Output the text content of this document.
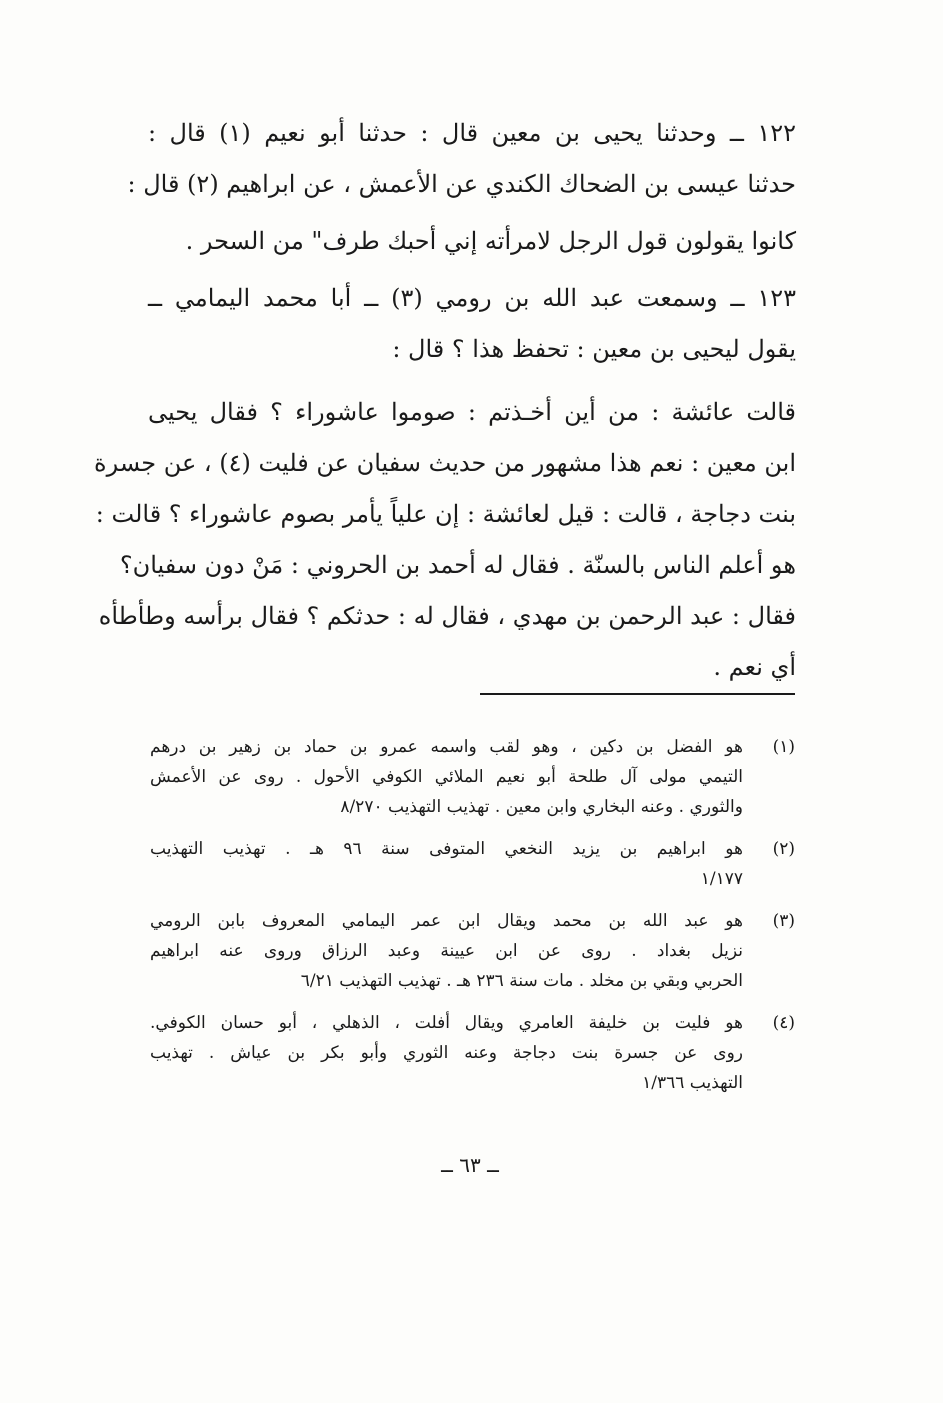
١٢٢ ــ وحدثنا يحيى بن معين قال : حدثنا أبو نعيم (١) قال :
حدثنا عيسى بن الضحاك الكندي عن الأعمش ، عن ابراهيم (٢) قال :
كانوا يقولون قول الرجل لامرأته إني أحبك طرف" من السحر .
١٢٣ ــ وسمعت عبد الله بن رومي (٣) ــ أبا محمد اليمامي ــ
يقول ليحيى بن معين : تحفظ هذا ؟ قال :
قالت عائشة : من أين أخـذتم : صوموا عاشوراء ؟ فقال يحيى
ابن معين : نعم هذا مشهور من حديث سفيان عن فليت (٤) ، عن جسرة
بنت دجاجة ، قالت : قيل لعائشة : إن علياً يأمر بصوم عاشوراء ؟ قالت :
هو أعلم الناس بالسنّة . فقال له أحمد بن الحروني : مَنْ دون سفيان؟
فقال : عبد الرحمن بن مهدي ، فقال له : حدثكم ؟ فقال برأسه وطأطأه
أي نعم .
(١)
هو الفضل بن دكين ، وهو لقب واسمه عمرو بن حماد بن زهير بن درهم
التيمي مولى آل طلحة أبو نعيم الملائي الكوفي الأحول . روى عن الأعمش
والثوري . وعنه البخاري وابن معين . تهذيب التهذيب ٨/٢٧٠
(٢)
هو ابراهيم بن يزيد النخعي المتوفى سنة ٩٦ هـ . تهذيب التهذيب
١/١٧٧
(٣)
هو عبد الله بن محمد ويقال ابن عمر اليمامي المعروف بابن الرومي
نزيل بغداد . روى عن ابن عيينة وعبد الرزاق وروى عنه ابراهيم
الحربي وبقي بن مخلد . مات سنة ٢٣٦ هـ . تهذيب التهذيب ٦/٢١
(٤)
هو فليت بن خليفة العامري ويقال أفلت ، الذهلي ، أبو حسان الكوفي.
روى عن جسرة بنت دجاجة وعنه الثوري وأبو بكر بن عياش . تهذيب
التهذيب ١/٣٦٦
ــ ٦٣ ــ
